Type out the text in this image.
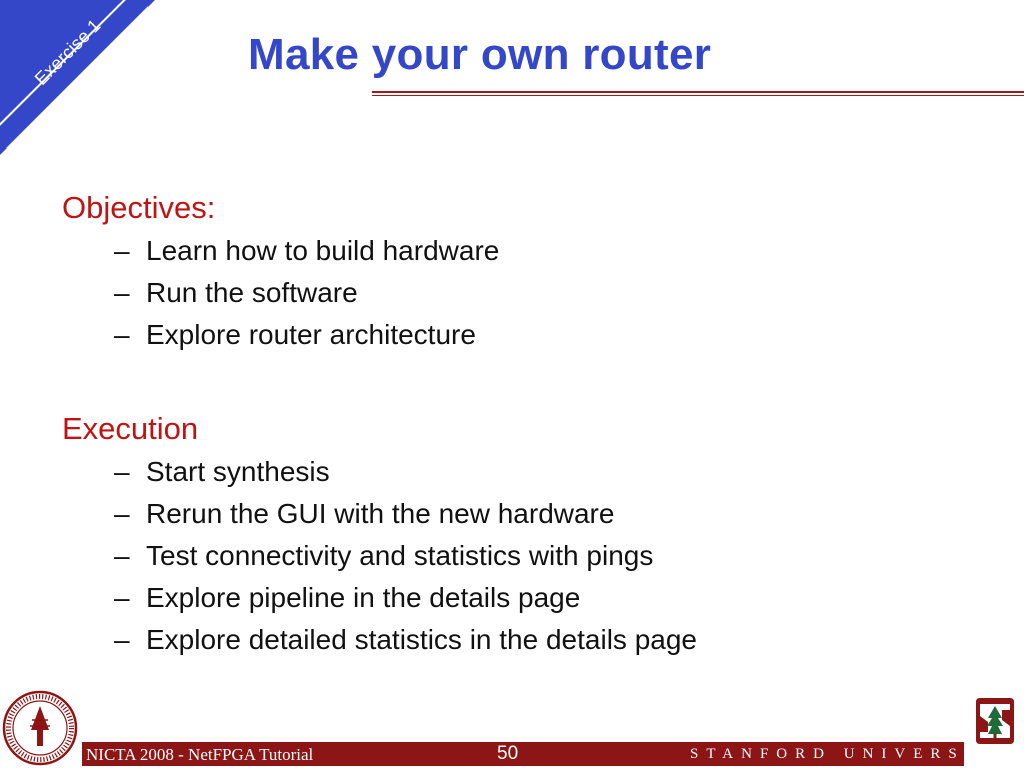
Exercise 1	Make your own router
Objectives:
– Learn how to build hardware
– Run the software
– Explore router architecture
Execution
– Start synthesis
– Rerun the GUI with the new hardware
– Test connectivity and statistics with pings
– Explore pipeline in the details page
– Explore detailed statistics in the details page
NICTA 2008 - NetFPGA Tutorial	50	STANFORD UNIVERSITY
